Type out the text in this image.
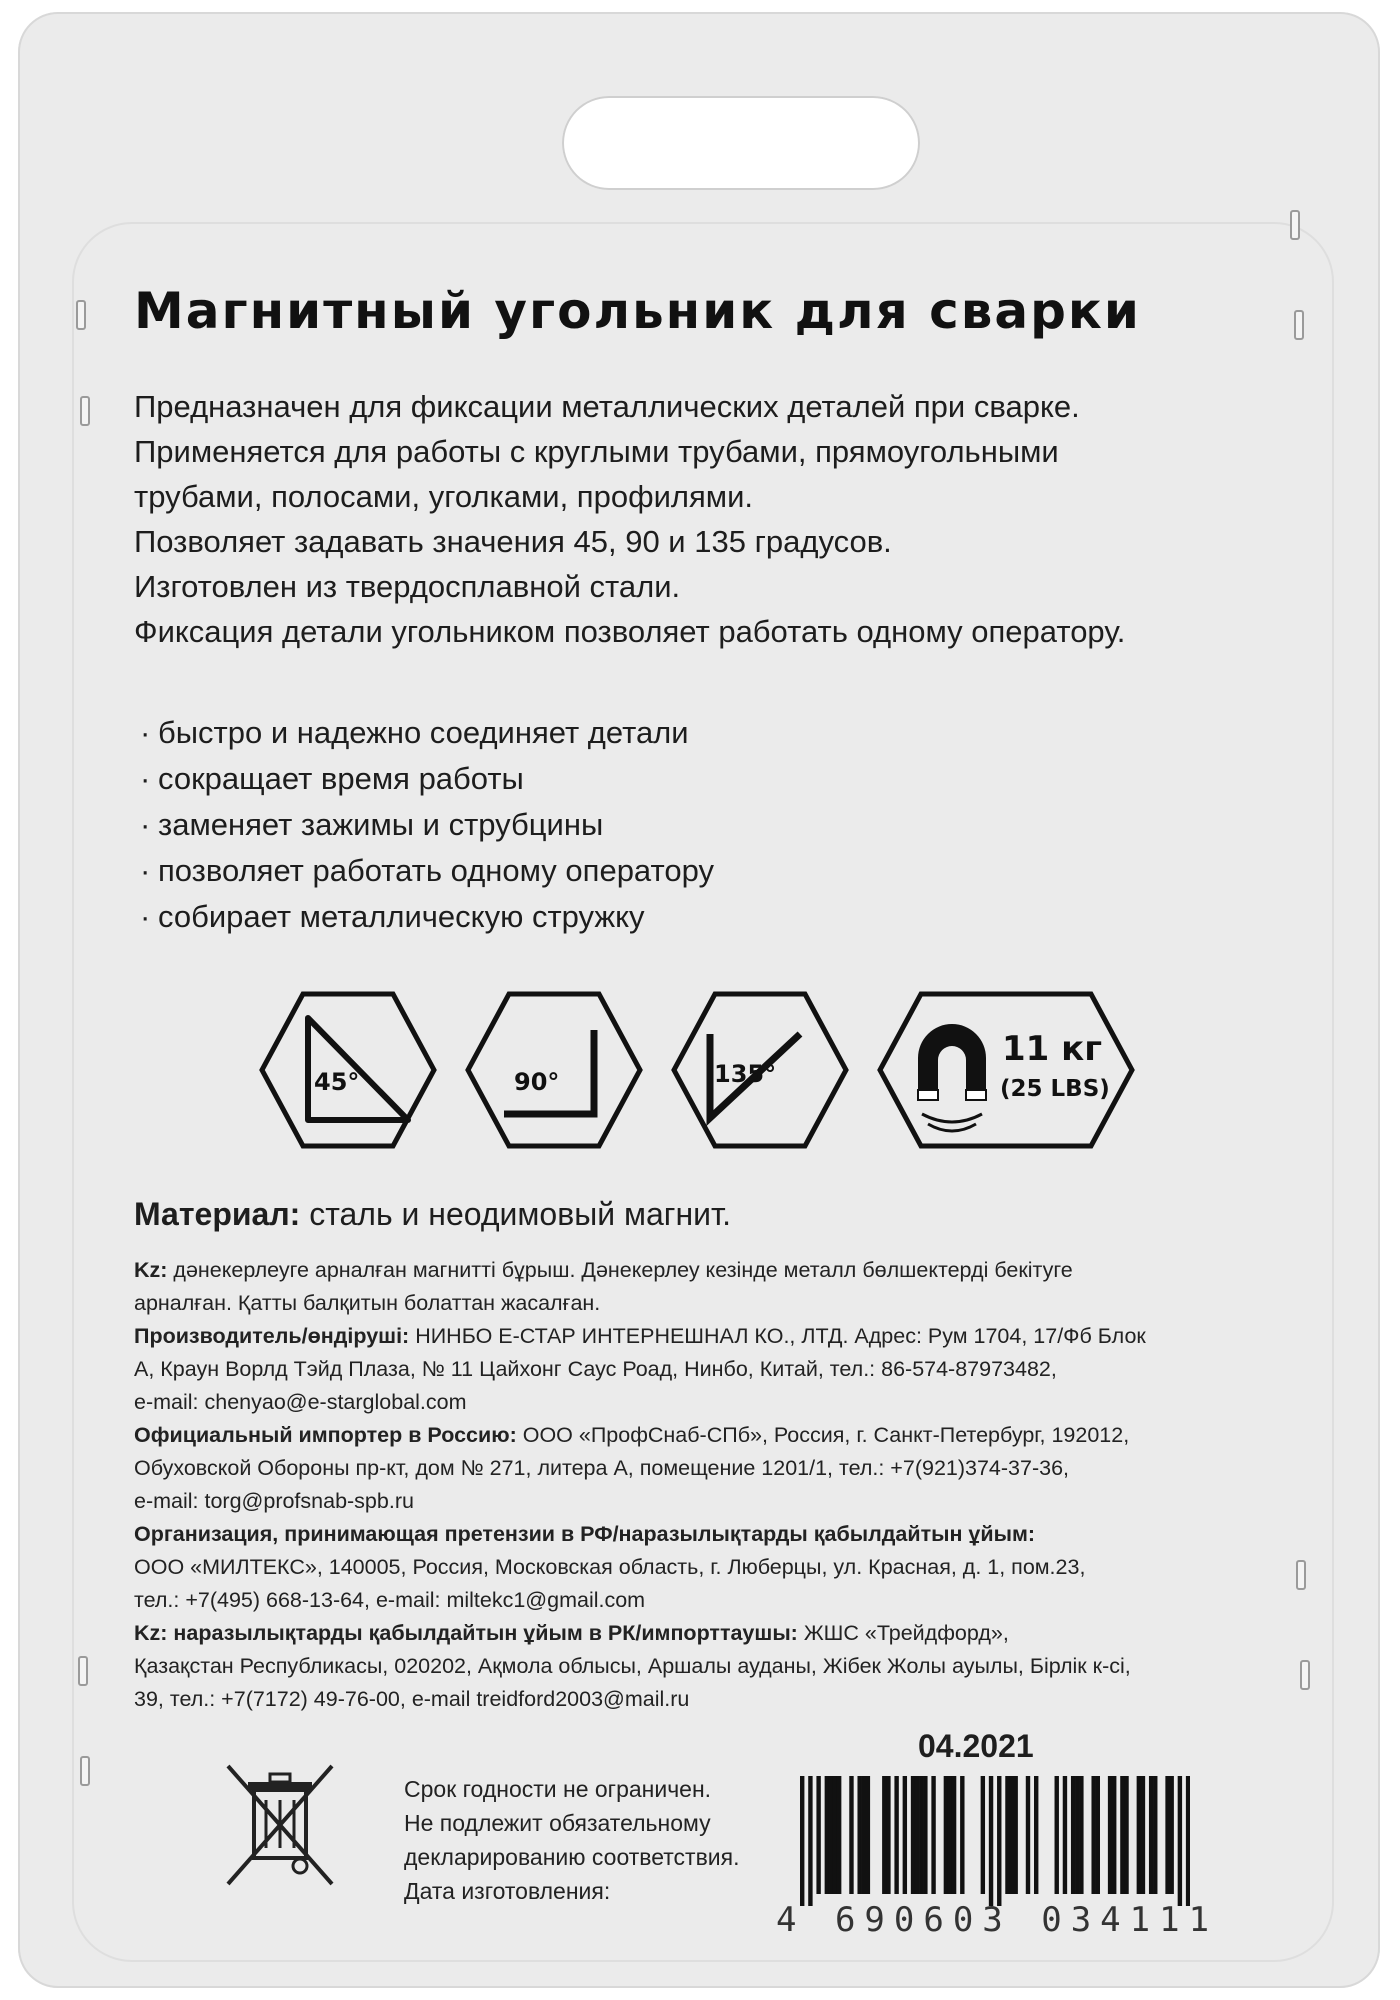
Магнитный угольник для сварки
Предназначен для фиксации металлических деталей при сварке.
Применяется для работы с круглыми трубами, прямоугольными
трубами, полосами, уголками, профилями.
Позволяет задавать значения 45, 90 и 135 градусов.
Изготовлен из твердосплавной стали.
Фиксация детали угольником позволяет работать одному оператору.
· быстро и надежно соединяет детали
· сокращает время работы
· заменяет зажимы и струбцины
· позволяет работать одному оператору
· собирает металлическую стружку
45°	90°	135°
11 кг
(25 LBS)
Материал: сталь и неодимовый магнит.
Kz: дәнекерлеуге арналған магнитті бұрыш. Дәнекерлеу кезінде металл бөлшектерді бекітуге
арналған. Қатты балқитын болаттан жасалған.
Производитель/өндіруші: НИНБО Е-СТАР ИНТЕРНЕШНАЛ КО., ЛТД. Адрес: Рум 1704, 17/Фб Блок
А, Краун Ворлд Тэйд Плаза, № 11 Цайхонг Саус Роад, Нинбо, Китай, тел.: 86-574-87973482,
e-mail: chenyao@e-starglobal.com
Официальный импортер в Россию: ООО «ПрофСнаб-СПб», Россия, г. Санкт-Петербург, 192012,
Обуховской Обороны пр-кт, дом № 271, литера А, помещение 1201/1, тел.: +7(921)374-37-36,
e-mail: torg@profsnab-spb.ru
Организация, принимающая претензии в РФ/наразылықтарды қабылдайтын ұйым:
ООО «МИЛТЕКС», 140005, Россия, Московская область, г. Люберцы, ул. Красная, д. 1, пом.23,
тел.: +7(495) 668-13-64, e-mail: miltekc1@gmail.com
Kz: наразылықтарды қабылдайтын ұйым в РК/импорттаушы: ЖШС «Трейдфорд»,
Қазақстан Республикасы, 020202, Ақмола облысы, Аршалы ауданы, Жібек Жолы ауылы, Бірлік к-сі,
39, тел.: +7(7172) 49-76-00, e-mail treidford2003@mail.ru
04.2021
Срок годности не ограничен.
Не подлежит обязательному
декларированию соответствия.
Дата изготовления:
4 690603 034111
